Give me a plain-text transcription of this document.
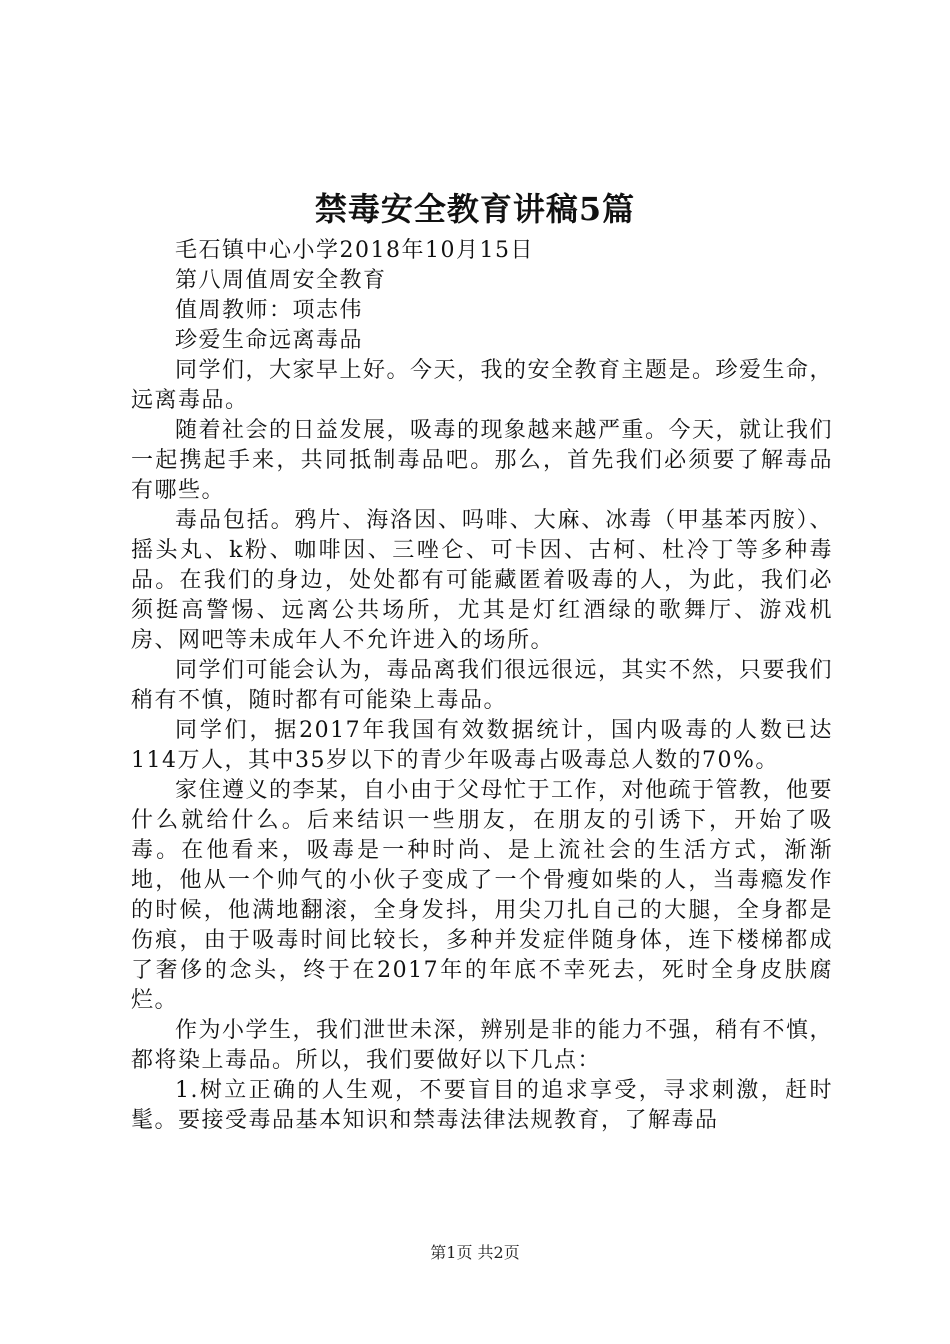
禁毒安全教育讲稿5篇

毛石镇中心小学2018年10月15日

第八周值周安全教育

值周教师：项志伟

珍爱生命远离毒品

同学们，大家早上好。今天，我的安全教育主题是。珍爱生命，远离毒品。

随着社会的日益发展，吸毒的现象越来越严重。今天，就让我们一起携起手来，共同抵制毒品吧。那么，首先我们必须要了解毒品有哪些。

毒品包括。鸦片、海洛因、吗啡、大麻、冰毒（甲基苯丙胺）、摇头丸、k粉、咖啡因、三唑仑、可卡因、古柯、杜冷丁等多种毒品。在我们的身边，处处都有可能藏匿着吸毒的人，为此，我们必须挺高警惕、远离公共场所，尤其是灯红酒绿的歌舞厅、游戏机房、网吧等未成年人不允许进入的场所。

同学们可能会认为，毒品离我们很远很远，其实不然，只要我们稍有不慎，随时都有可能染上毒品。

同学们，据2017年我国有效数据统计，国内吸毒的人数已达114万人，其中35岁以下的青少年吸毒占吸毒总人数的70%。

家住遵义的李某，自小由于父母忙于工作，对他疏于管教，他要什么就给什么。后来结识一些朋友，在朋友的引诱下，开始了吸毒。在他看来，吸毒是一种时尚、是上流社会的生活方式，渐渐地，他从一个帅气的小伙子变成了一个骨瘦如柴的人，当毒瘾发作的时候，他满地翻滚，全身发抖，用尖刀扎自己的大腿，全身都是伤痕，由于吸毒时间比较长，多种并发症伴随身体，连下楼梯都成了奢侈的念头，终于在2017年的年底不幸死去，死时全身皮肤腐烂。

作为小学生，我们泄世未深，辨别是非的能力不强，稍有不慎，都将染上毒品。所以，我们要做好以下几点：

1.树立正确的人生观，不要盲目的追求享受，寻求刺激，赶时髦。要接受毒品基本知识和禁毒法律法规教育，了解毒品

第1页 共2页
